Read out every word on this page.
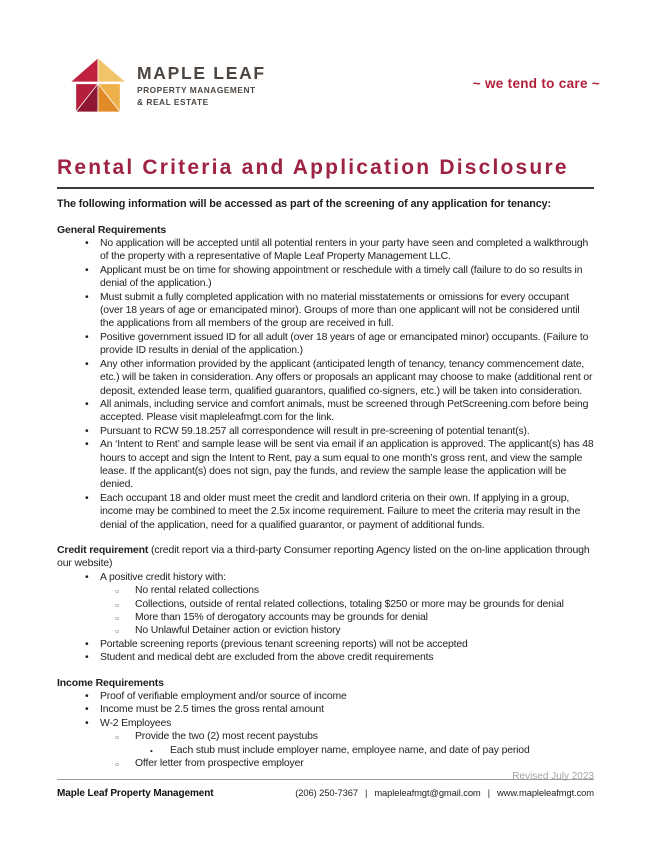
MAPLE LEAF
PROPERTY MANAGEMENT
& REAL ESTATE
~ we tend to care ~
Rental Criteria and Application Disclosure
The following information will be accessed as part of the screening of any application for tenancy:
General Requirements
•	No application will be accepted until all potential renters in your party have seen and completed a walkthrough of the property with a representative of Maple Leaf Property Management LLC.
•	Applicant must be on time for showing appointment or reschedule with a timely call (failure to do so results in denial of the application.)
•	Must submit a fully completed application with no material misstatements or omissions for every occupant (over 18 years of age or emancipated minor). Groups of more than one applicant will not be considered until the applications from all members of the group are received in full.
•	Positive government issued ID for all adult (over 18 years of age or emancipated minor) occupants. (Failure to provide ID results in denial of the application.)
•	Any other information provided by the applicant (anticipated length of tenancy, tenancy commencement date, etc.) will be taken in consideration. Any offers or proposals an applicant may choose to make (additional rent or deposit, extended lease term, qualified guarantors, qualified co-signers, etc.) will be taken into consideration.
•	All animals, including service and comfort animals, must be screened through PetScreening.com before being accepted. Please visit mapleleafmgt.com for the link.
•	Pursuant to RCW 59.18.257 all correspondence will result in pre-screening of potential tenant(s).
•	An ‘Intent to Rent’ and sample lease will be sent via email if an application is approved. The applicant(s) has 48 hours to accept and sign the Intent to Rent, pay a sum equal to one month’s gross rent, and view the sample lease. If the applicant(s) does not sign, pay the funds, and review the sample lease the application will be denied.
•	Each occupant 18 and older must meet the credit and landlord criteria on their own. If applying in a group, income may be combined to meet the 2.5x income requirement. Failure to meet the criteria may result in the denial of the application, need for a qualified guarantor, or payment of additional funds.
Credit requirement (credit report via a third-party Consumer reporting Agency listed on the on-line application through our website)
•	A positive credit history with:
○	No rental related collections
○	Collections, outside of rental related collections, totaling $250 or more may be grounds for denial
○	More than 15% of derogatory accounts may be grounds for denial
○	No Unlawful Detainer action or eviction history
•	Portable screening reports (previous tenant screening reports) will not be accepted
•	Student and medical debt are excluded from the above credit requirements
Income Requirements
•	Proof of verifiable employment and/or source of income
•	Income must be 2.5 times the gross rental amount
•	W-2 Employees
○	Provide the two (2) most recent paystubs
▪	Each stub must include employer name, employee name, and date of pay period
○	Offer letter from prospective employer
Revised July 2023
Maple Leaf Property Management	(206) 250-7367 | mapleleafmgt@gmail.com | www.mapleleafmgt.com
